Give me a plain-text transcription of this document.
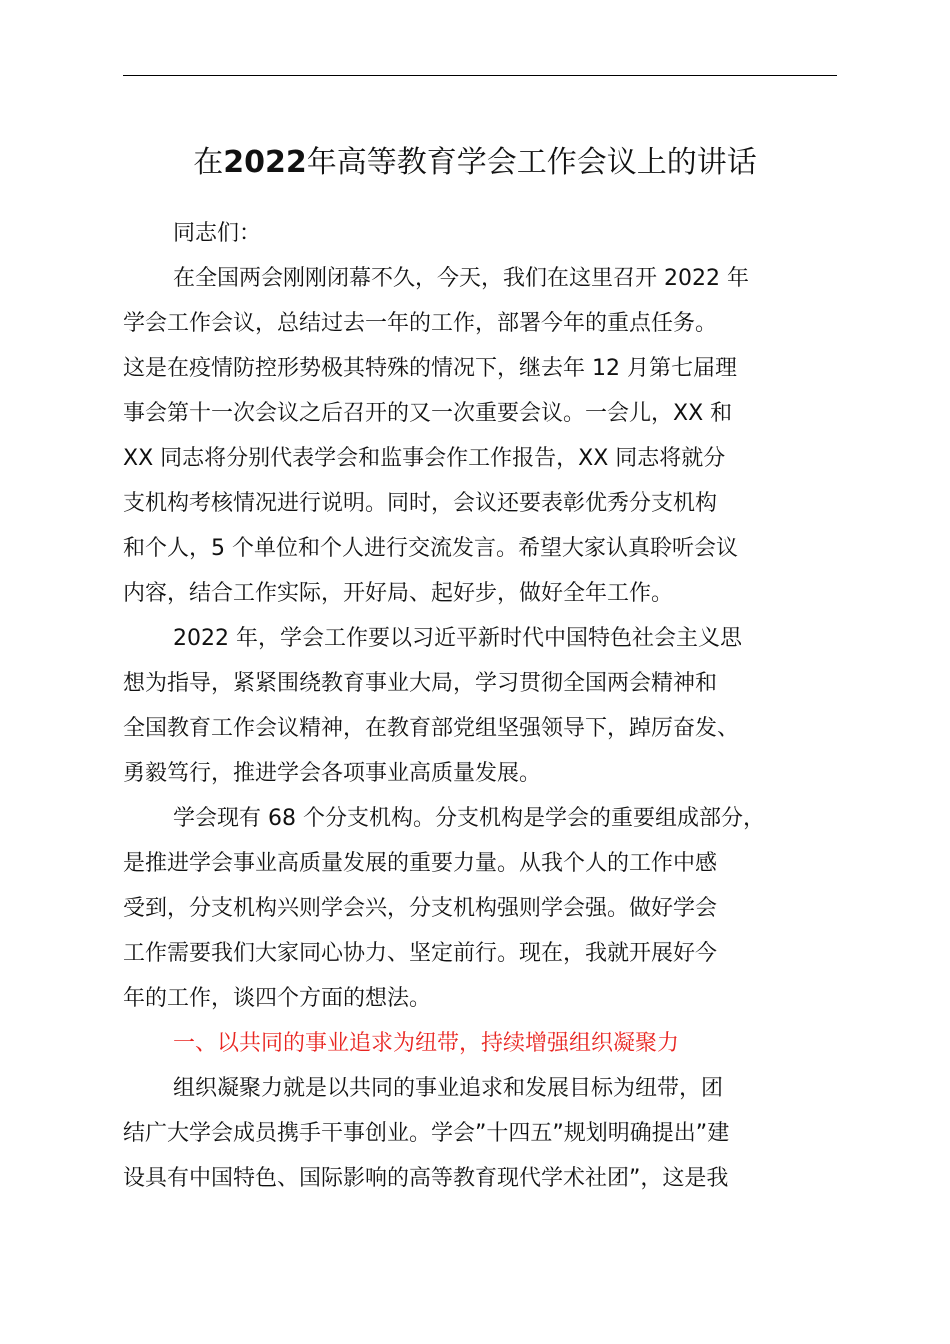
在2022年高等教育学会工作会议上的讲话
同志们：
在全国两会刚刚闭幕不久，今天，我们在这里召开 2022 年
学会工作会议，总结过去一年的工作，部署今年的重点任务。
这是在疫情防控形势极其特殊的情况下，继去年 12 月第七届理
事会第十一次会议之后召开的又一次重要会议。一会儿，XX 和
XX 同志将分别代表学会和监事会作工作报告，XX 同志将就分
支机构考核情况进行说明。同时，会议还要表彰优秀分支机构
和个人，5 个单位和个人进行交流发言。希望大家认真聆听会议
内容，结合工作实际，开好局、起好步，做好全年工作。
2022 年，学会工作要以习近平新时代中国特色社会主义思
想为指导，紧紧围绕教育事业大局，学习贯彻全国两会精神和
全国教育工作会议精神，在教育部党组坚强领导下，踔厉奋发、
勇毅笃行，推进学会各项事业高质量发展。
学会现有 68 个分支机构。分支机构是学会的重要组成部分，
是推进学会事业高质量发展的重要力量。从我个人的工作中感
受到，分支机构兴则学会兴，分支机构强则学会强。做好学会
工作需要我们大家同心协力、坚定前行。现在，我就开展好今
年的工作，谈四个方面的想法。
一、以共同的事业追求为纽带，持续增强组织凝聚力
组织凝聚力就是以共同的事业追求和发展目标为纽带，团
结广大学会成员携手干事创业。学会”十四五”规划明确提出”建
设具有中国特色、国际影响的高等教育现代学术社团”，这是我
